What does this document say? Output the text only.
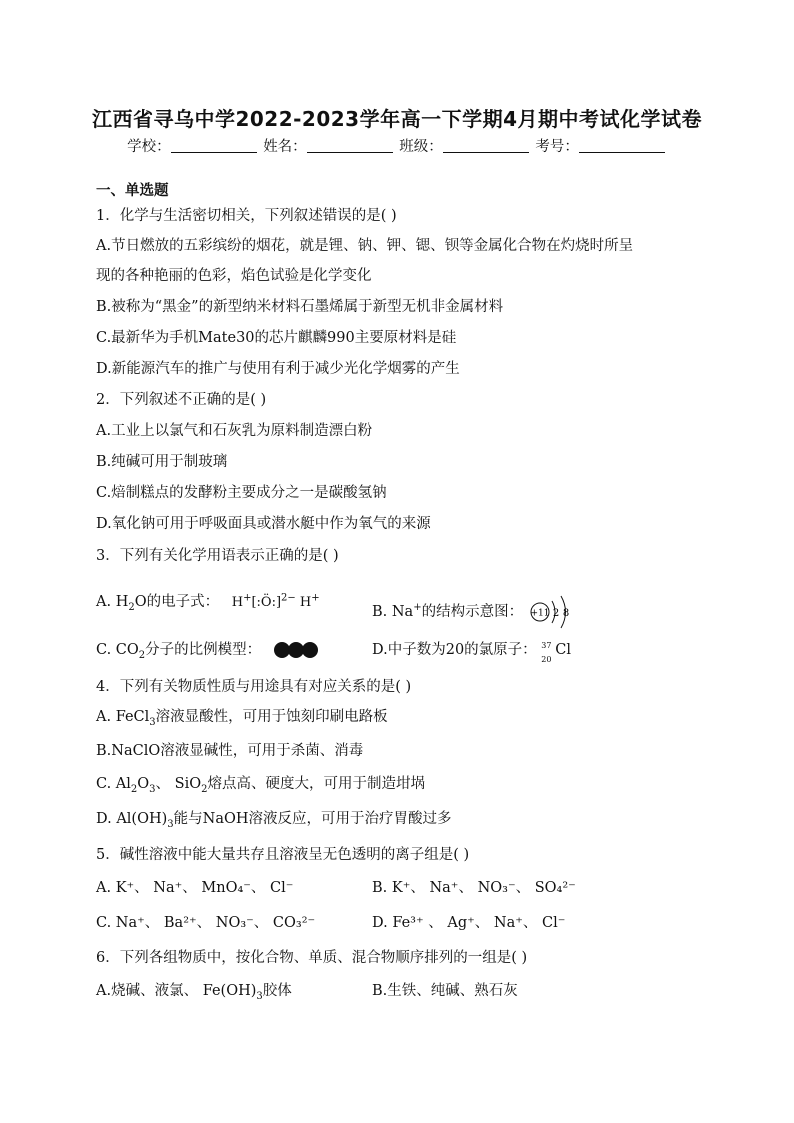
江西省寻乌中学2022-2023学年高一下学期4月期中考试化学试卷
学校：	姓名：	班级：	考号：
一、单选题
1．化学与生活密切相关，下列叙述错误的是( )
A.节日燃放的五彩缤纷的烟花，就是锂、钠、钾、锶、钡等金属化合物在灼烧时所呈
现的各种艳丽的色彩，焰色试验是化学变化
B.被称为“黑金”的新型纳米材料石墨烯属于新型无机非金属材料
C.最新华为手机Mate30的芯片麒麟990主要原材料是硅
D.新能源汽车的推广与使用有利于减少光化学烟雾的产生
2．下列叙述不正确的是( )
A.工业上以氯气和石灰乳为原料制造漂白粉
B.纯碱可用于制玻璃
C.焙制糕点的发酵粉主要成分之一是碳酸氢钠
D.氧化钠可用于呼吸面具或潜水艇中作为氧气的来源
3．下列有关化学用语表示正确的是( )
A. $H_2O$的电子式： H+[:Ö:]$^{2-}$ H+
B. Na+的结构示意图： +11 2 8
C. $CO_2$分子的比例模型：	D.中子数为20的氯原子： 37
20
Cl
4．下列有关物质性质与用途具有对应关系的是( )
A. FeCl$_3$溶液显酸性，可用于蚀刻印刷电路板
B.NaClO溶液显碱性，可用于杀菌、消毒
C. $Al_2O_3$、 SiO$_2$熔点高、硬度大，可用于制造坩埚
D. $Al(OH)_3$能与NaOH溶液反应，可用于治疗胃酸过多
5．碱性溶液中能大量共存且溶液呈无色透明的离子组是( )
A. K⁺、 Na⁺、 MnO₄⁻、 Cl⁻	B. K⁺、 Na⁺、 NO₃⁻、 SO₄²⁻
C. Na⁺、 Ba²⁺、 NO₃⁻、 CO₃²⁻	D. Fe³⁺ 、 Ag⁺、 Na⁺、 Cl⁻
6．下列各组物质中，按化合物、单质、混合物顺序排列的一组是( )
A.烧碱、液氯、 $Fe(OH)_3$胶体	B.生铁、纯碱、熟石灰
